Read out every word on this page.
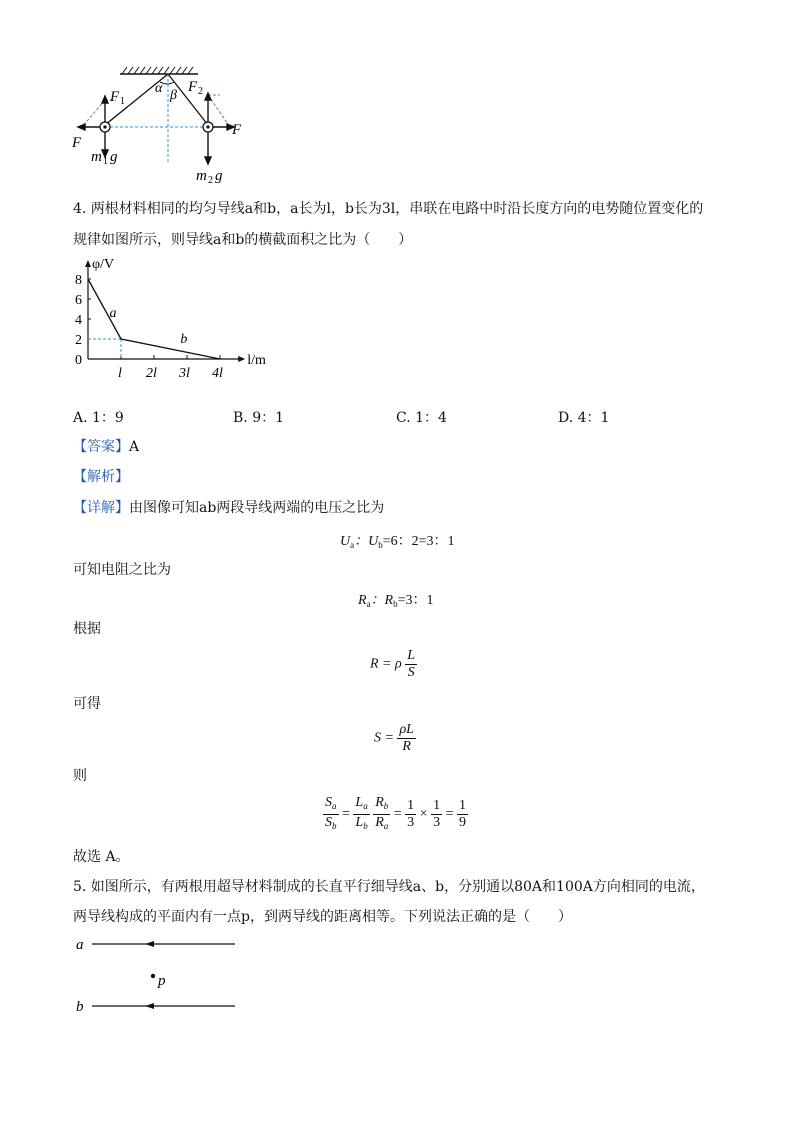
α β
F 1
F 2
F
F
m 1 g
m 2 g
4. 两根材料相同的均匀导线a和b，a长为l，b长为3l，串联在电路中时沿长度方向的电势随位置变化的
规律如图所示，则导线a和b的横截面积之比为（　　）
0
2
4
6
8
l 2l 3l 4l
φ/V
l/m
a
b
A. 1：9	B. 9：1	C. 1：4	D. 4：1
【答案】A
【解析】
【详解】由图像可知ab两段导线两端的电压之比为
$U_a$：$U_b=6$：2=3：1
可知电阻之比为
$R_a$：$R_b=3$：1
根据
R = ρ $\frac{L}{S}$
可得
$S = \frac{\rho L}{R}$
则
$\frac{S_a}{S_b} = \frac{L_a}{L_b}$
$\frac{R_b}{R_a} = \frac{1}{3} \times \frac{1}{3} = \frac{1}{9}$
故选 A。
5. 如图所示，有两根用超导材料制成的长直平行细导线a、b，分别通以80A和100A方向相同的电流，
两导线构成的平面内有一点p，到两导线的距离相等。下列说法正确的是（　　）
a
p
b
